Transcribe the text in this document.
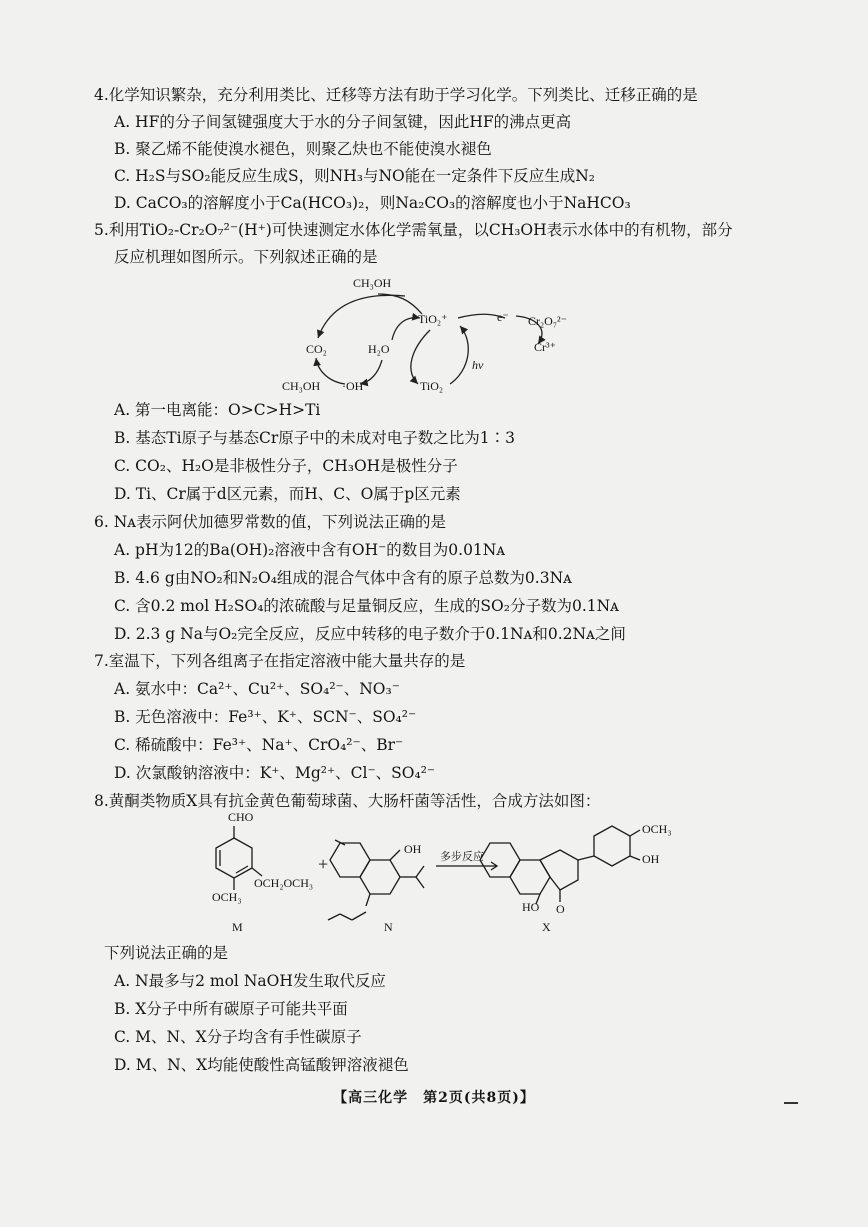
4.化学知识繁杂，充分利用类比、迁移等方法有助于学习化学。下列类比、迁移正确的是
A. HF的分子间氢键强度大于水的分子间氢键，因此HF的沸点更高
B. 聚乙烯不能使溴水褪色，则聚乙炔也不能使溴水褪色
C. H₂S与SO₂能反应生成S，则NH₃与NO能在一定条件下反应生成N₂
D. CaCO₃的溶解度小于Ca(HCO₃)₂，则Na₂CO₃的溶解度也小于NaHCO₃
5.利用TiO₂-Cr₂O₇²⁻(H⁺)可快速测定水体化学需氧量，以CH₃OH表示水体中的有机物，部分
反应机理如图所示。下列叙述正确的是
CH₃OH
CO₂	H₂O
CH₃OH ·OH
TiO₂⁺
TiO₂
hν
e⁻ Cr₂O₇²⁻
Cr³⁺
A. 第一电离能：O>C>H>Ti
B. 基态Ti原子与基态Cr原子中的未成对电子数之比为1∶3
C. CO₂、H₂O是非极性分子，CH₃OH是极性分子
D. Ti、Cr属于d区元素，而H、C、O属于p区元素
6. Nᴀ表示阿伏加德罗常数的值，下列说法正确的是
A. pH为12的Ba(OH)₂溶液中含有OH⁻的数目为0.01Nᴀ
B. 4.6 g由NO₂和N₂O₄组成的混合气体中含有的原子总数为0.3Nᴀ
C. 含0.2 mol H₂SO₄的浓硫酸与足量铜反应，生成的SO₂分子数为0.1Nᴀ
D. 2.3 g Na与O₂完全反应，反应中转移的电子数介于0.1Nᴀ和0.2Nᴀ之间
7.室温下，下列各组离子在指定溶液中能大量共存的是
A. 氨水中：Ca²⁺、Cu²⁺、SO₄²⁻、NO₃⁻
B. 无色溶液中：Fe³⁺、K⁺、SCN⁻、SO₄²⁻
C. 稀硫酸中：Fe³⁺、Na⁺、CrO₄²⁻、Br⁻
D. 次氯酸钠溶液中：K⁺、Mg²⁺、Cl⁻、SO₄²⁻
8.黄酮类物质X具有抗金黄色葡萄球菌、大肠杆菌等活性，合成方法如图：
CHO
OCH₂OCH₃
OCH₃
+
OH
多步反应
OCH₃
OH
HO O
M	N	X
下列说法正确的是
A. N最多与2 mol NaOH发生取代反应
B. X分子中所有碳原子可能共平面
C. M、N、X分子均含有手性碳原子
D. M、N、X均能使酸性高锰酸钾溶液褪色
【高三化学　第2页(共8页)】
